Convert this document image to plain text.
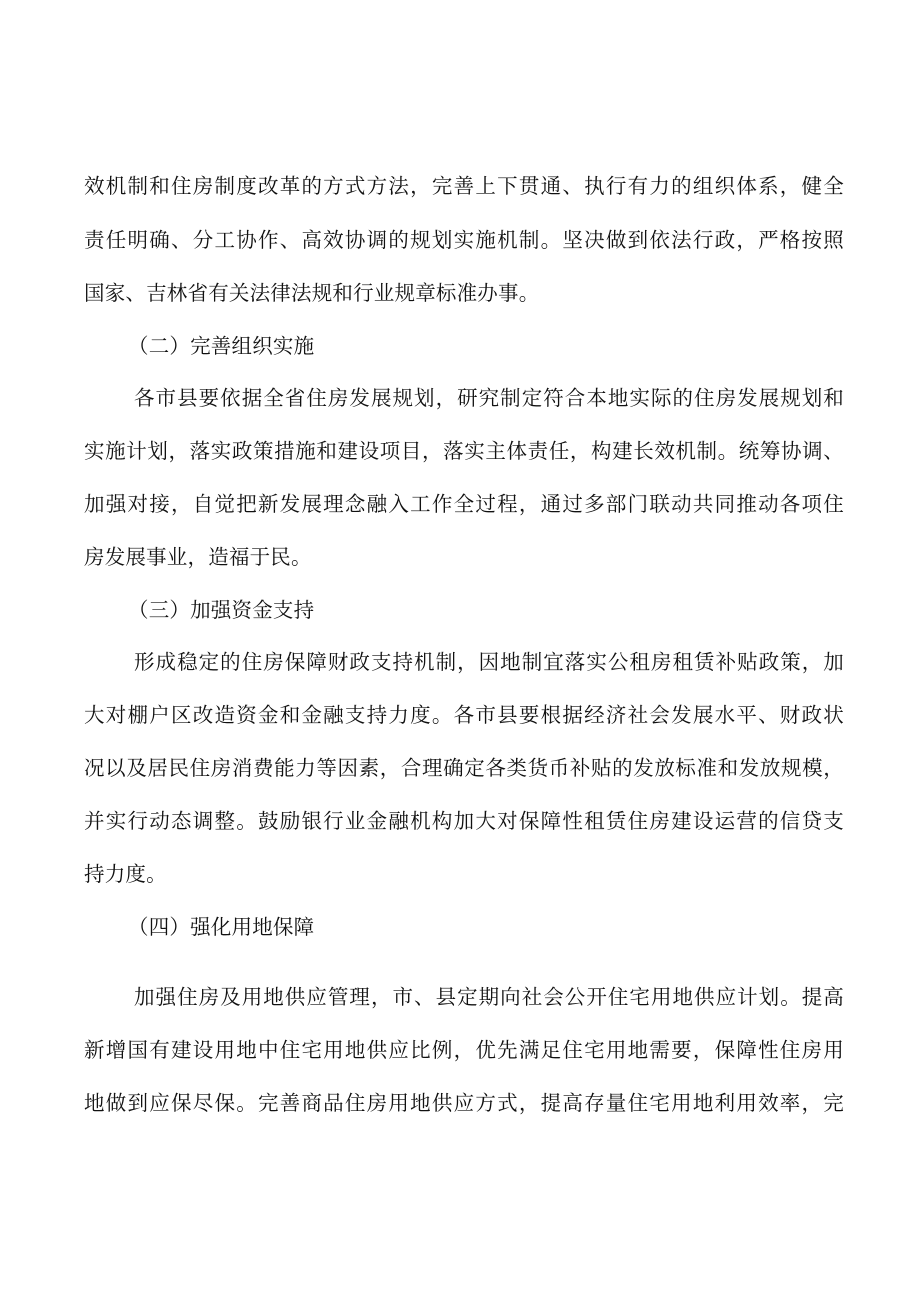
效机制和住房制度改革的方式方法，完善上下贯通、执行有力的组织体系，健全

责任明确、分工协作、高效协调的规划实施机制。坚决做到依法行政，严格按照

国家、吉林省有关法律法规和行业规章标准办事。

（二）完善组织实施

各市县要依据全省住房发展规划，研究制定符合本地实际的住房发展规划和

实施计划，落实政策措施和建设项目，落实主体责任，构建长效机制。统筹协调、

加强对接，自觉把新发展理念融入工作全过程，通过多部门联动共同推动各项住

房发展事业，造福于民。

（三）加强资金支持

形成稳定的住房保障财政支持机制，因地制宜落实公租房租赁补贴政策，加

大对棚户区改造资金和金融支持力度。各市县要根据经济社会发展水平、财政状

况以及居民住房消费能力等因素，合理确定各类货币补贴的发放标准和发放规模，

并实行动态调整。鼓励银行业金融机构加大对保障性租赁住房建设运营的信贷支

持力度。

（四）强化用地保障

加强住房及用地供应管理，市、县定期向社会公开住宅用地供应计划。提高

新增国有建设用地中住宅用地供应比例，优先满足住宅用地需要，保障性住房用

地做到应保尽保。完善商品住房用地供应方式，提高存量住宅用地利用效率，完
